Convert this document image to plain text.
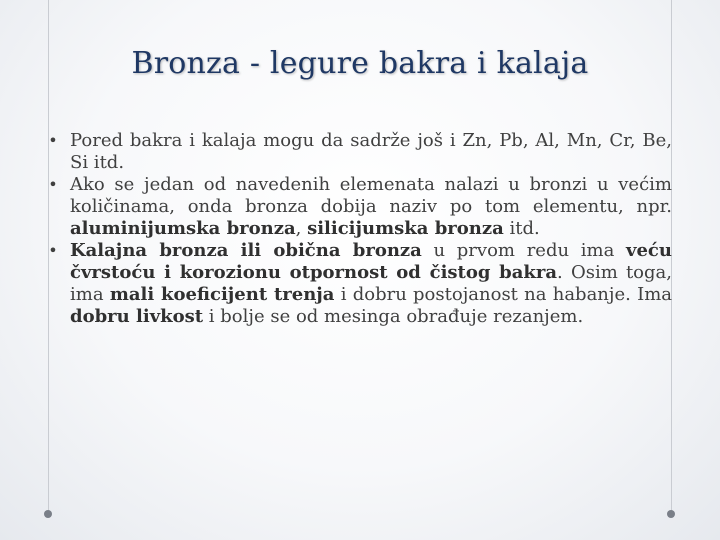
Bronza - legure bakra i kalaja
• Pored bakra i kalaja mogu da sadrže još i Zn, Pb, Al, Mn, Cr, Be, Si itd.
• Ako se jedan od navedenih elemenata nalazi u bronzi u većim količinama, onda bronza dobija naziv po tom elementu, npr. aluminijumska bronza, silicijumska bronza itd.
• Kalajna bronza ili obična bronza u prvom redu ima veću čvrstoću i korozionu otpornost od čistog bakra. Osim toga, ima mali koeficijent trenja i dobru postojanost na habanje. Ima dobru livkost i bolje se od mesinga obrađuje rezanjem.
